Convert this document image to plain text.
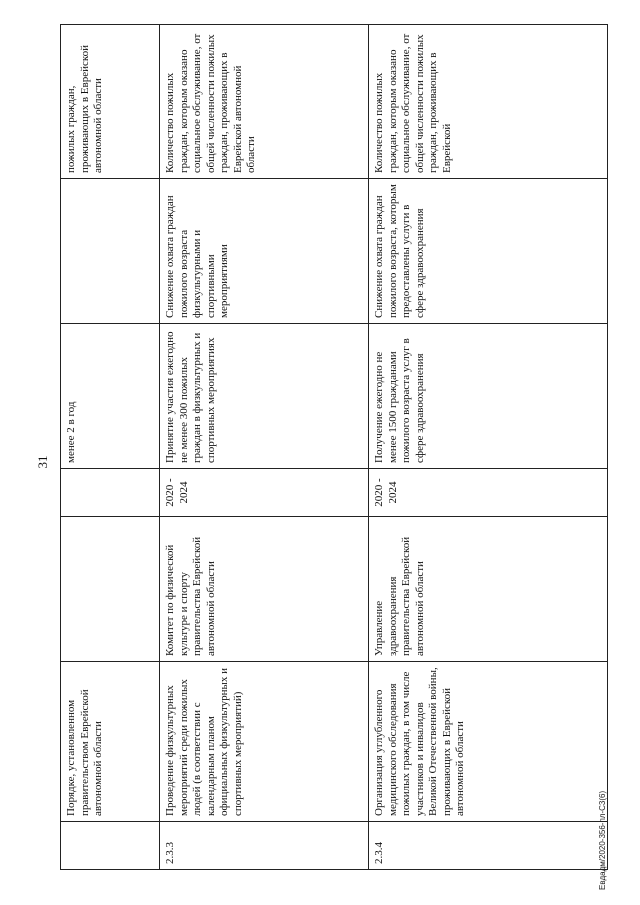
31
	Порядке, установленном правительством Еврейской автономной области			менее 2 в год		пожилых граждан, проживающих в Еврейской автономной области
2.3.3	Проведение физкультурных мероприятий среди пожилых людей (в соответствии с календарным планом официальных физкультурных и спортивных мероприятий)	Комитет по физической культуре и спорту правительства Еврейской автономной области	2020 - 2024	Принятие участия ежегодно не менее 300 пожилых граждан в физкультурных и спортивных мероприятиях	Снижение охвата граждан пожилого возраста физкультурными и спортивными мероприятиями	Количество пожилых граждан, которым оказано социальное обслуживание, от общей численности пожилых граждан, проживающих в Еврейской автономной области
2.3.4	Организация углубленного медицинского обследования пожилых граждан, в том числе участников и инвалидов Великой Отечественной войны, проживающих в Еврейской автономной области	Управление здравоохранения правительства Еврейской автономной области	2020 - 2024	Получение ежегодно не менее 1500 гражданами пожилого возраста услуг в сфере здравоохранения	Снижение охвата граждан пожилого возраста, которым предоставлены услуги в сфере здравоохранения	Количество пожилых граждан, которым оказано социальное обслуживание, от общей численности пожилых граждан, проживающих в Еврейской
Евдадм/2020-356-пл-С3(6)
